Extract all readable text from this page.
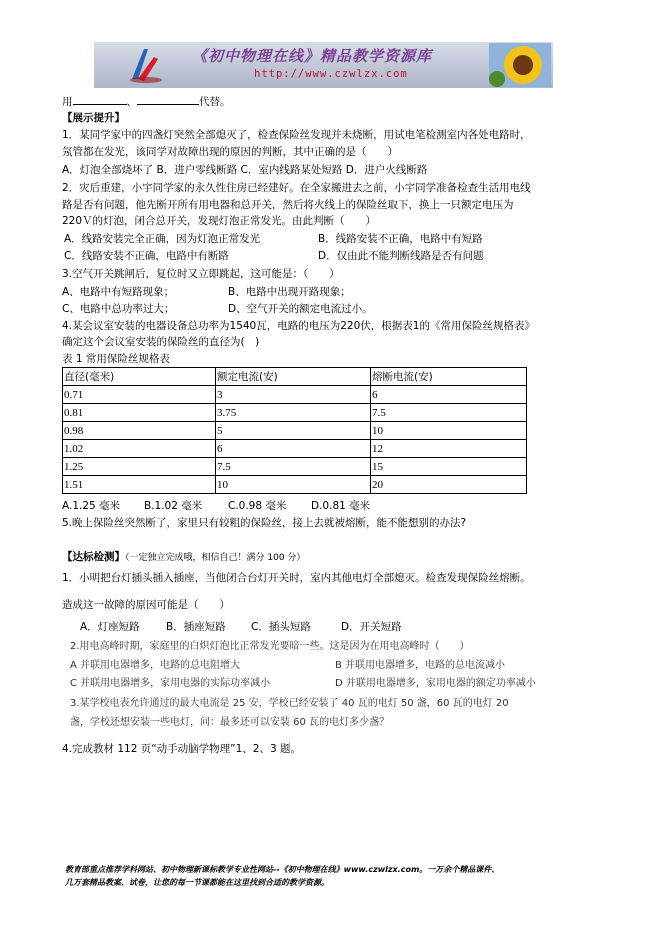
《初中物理在线》精品教学资源库
http://www.czwlzx.com
用	、	代替。
【展示提升】
1．某同学家中的四盏灯突然全部熄灭了，检查保险丝发现并未烧断，用试电笔检测室内各处电路时，
氖管都在发光，该同学对故障出现的原因的判断，其中正确的是（　　）
A．灯泡全部烧坏了 B．进户零线断路 C．室内线路某处短路 D．进户火线断路
2．灾后重建，小宇同学家的永久性住房已经建好。在全家搬进去之前，小宇同学准备检查生活用电线
路是否有问题，他先断开所有用电器和总开关，然后将火线上的保险丝取下，换上一只额定电压为
220Ｖ的灯泡，闭合总开关，发现灯泡正常发光。由此判断（　　）
A．线路安装完全正确，因为灯泡正常发光	B．线路安装不正确，电路中有短路
C．线路安装不正确，电路中有断路	D．仅由此不能判断线路是否有问题
3.空气开关跳闸后，复位时又立即跳起，这可能是：（　　）
A、电路中有短路现象；	B、电路中出现开路现象；
C、电路中总功率过大；	D、空气开关的额定电流过小。
4.某会议室安装的电器设备总功率为1540瓦，电路的电压为220伏，根据表1的《常用保险丝规格表》
确定这个会议室安装的保险丝的直径为(　)
表 1 常用保险丝规格表
直径(毫米)	额定电流(安)	熔断电流(安)
0.71	3	6
0.81	3.75	7.5
0.98	5	10
1.02	6	12
1.25	7.5	15
1.51	10	20
A.1.25 毫米 B.1.02 毫米 C.0.98 毫米 D.0.81 毫米
5.晚上保险丝突然断了，家里只有较粗的保险丝，接上去就被熔断，能不能想别的办法?
【达标检测】（一定独立完成哦，相信自己！满分 100 分）
1．小明把台灯插头插入插座，当他闭合台灯开关时，室内其他电灯全部熄灭。检查发现保险丝熔断。
造成这一故障的原因可能是（　　）
A．灯座短路	B．插座短路 C．插头短路	D．开关短路
2.用电高峰时期，家庭里的白炽灯泡比正常发光要暗一些。这是因为在用电高峰时（　　）
A 并联用电器增多，电路的总电阻增大	B 并联用电器增多，电路的总电流减小
C 并联用电器增多，家用电器的实际功率减小	D 并联用电器增多，家用电器的额定功率减小
3.某学校电表允许通过的最大电流是 25 安，学校已经安装了 40 瓦的电灯 50 盏，60 瓦的电灯 20
盏，学校还想安装一些电灯，问：最多还可以安装 60 瓦的电灯多少盏？
4.完成教材 112 页“动手动脑学物理”1、2、3 题。
教育部重点推荐学科网站、初中物理新课标教学专业性网站--《初中物理在线》www.czwlzx.com。一万余个精品课件、
几万套精品教案、试卷，让您的每一节课都能在这里找到合适的教学资源。
